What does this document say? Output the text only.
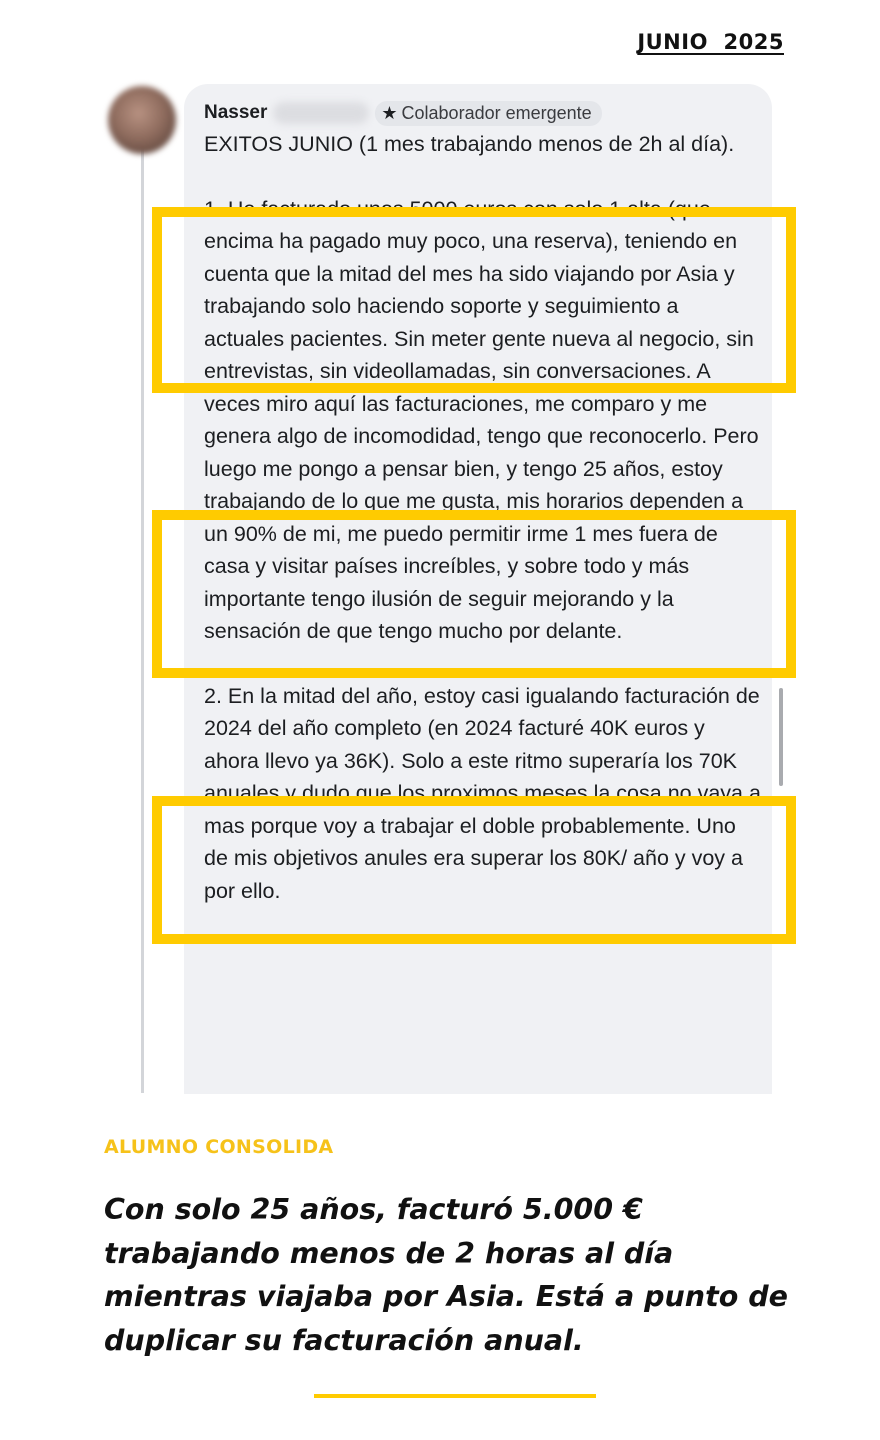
JUNIO  2025
Nasser	★ Colaborador emergente

EXITOS JUNIO (1 mes trabajando menos de 2h al día).

1. He facturado unos 5000 euros con solo 1 alta (que encima ha pagado muy poco, una reserva), teniendo en cuenta que la mitad del mes ha sido viajando por Asia y trabajando solo haciendo soporte y seguimiento a actuales pacientes. Sin meter gente nueva al negocio, sin entrevistas, sin videollamadas, sin conversaciones. A veces miro aquí las facturaciones, me comparo y me genera algo de incomodidad, tengo que reconocerlo. Pero luego me pongo a pensar bien, y tengo 25 años, estoy trabajando de lo que me gusta, mis horarios dependen a un 90% de mi, me puedo permitir irme 1 mes fuera de casa y visitar países increíbles, y sobre todo y más importante tengo ilusión de seguir mejorando y la sensación de que tengo mucho por delante.

2. En la mitad del año, estoy casi igualando facturación de 2024 del año completo (en 2024 facturé 40K euros y ahora llevo ya 36K). Solo a este ritmo superaría los 70K anuales y dudo que los proximos meses la cosa no vaya a mas porque voy a trabajar el doble probablemente. Uno de mis objetivos anules era superar los 80K/ año y voy a por ello.

ALUMNO CONSOLIDA
Con solo 25 años, facturó 5.000 € trabajando menos de 2 horas al día mientras viajaba por Asia. Está a punto de duplicar su facturación anual.
